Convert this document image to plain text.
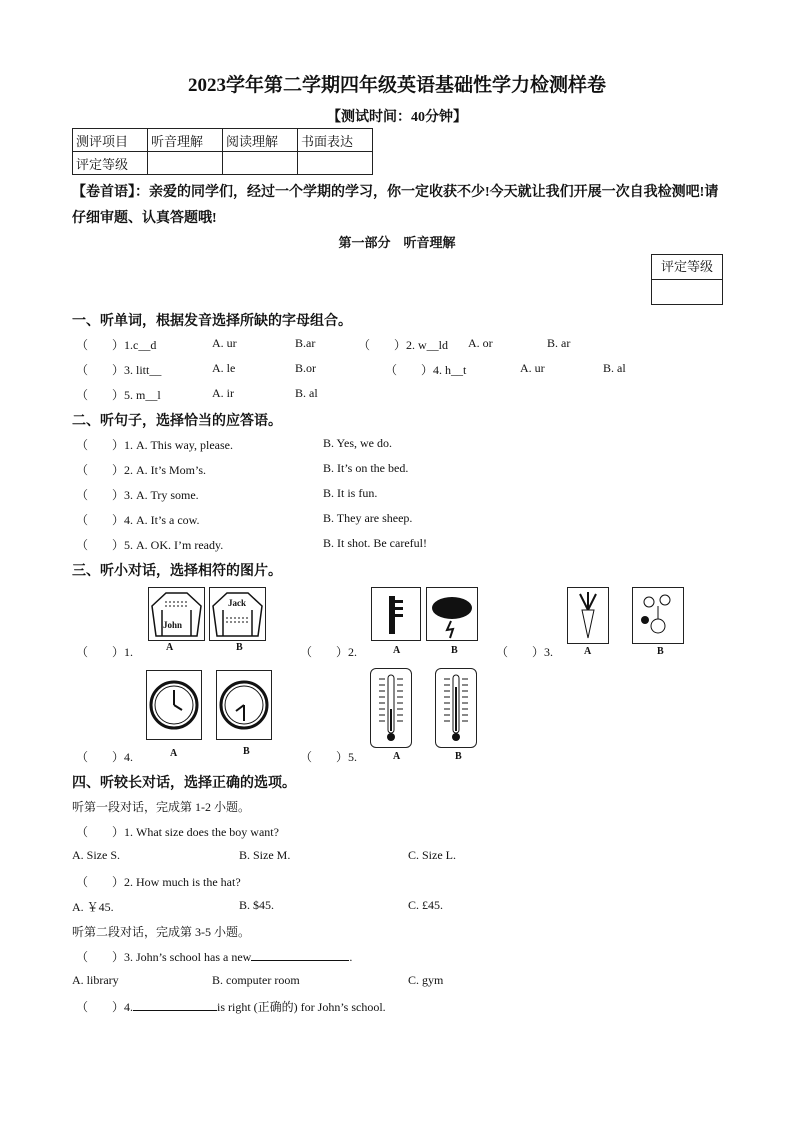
2023学年第二学期四年级英语基础性学力检测样卷
【测试时间：40分钟】
测评项目	听音理解	阅读理解	书面表达
评定等级			
【卷首语】：亲爱的同学们，经过一个学期的学习，你一定收获不少!今天就让我们开展一次自我检测吧!请仔细审题、认真答题哦!
第一部分　听音理解
评定等级
一、听单词，根据发音选择所缺的字母组合。
（　　）1.c__d	A. ur	B.ar	（　　）2. w__ld A. or	B. ar
（　　）3. litt__	A. le	B.or	（　　）4. h__t	A. ur	B. al
（　　）5. m__l	A. ir	B. al
二、听句子，选择恰当的应答语。
（　　）1. A. This way, please.	B. Yes, we do.
（　　）2. A. It’s Mom’s.	B. It’s on the bed.
（　　）3. A. Try some.	B. It is fun.
（　　）4. A. It’s a cow.	B. They are sheep.
（　　）5. A. OK. I’m ready.	B. It shot. Be careful!
三、听小对话，选择相符的图片。
（　　）1.	（　　）2.	（　　）3.
（　　）4.	（　　）5.
John
Jack
A	B	A	B	A	B
A	B	A	B
四、听较长对话，选择正确的选项。
听第一段对话，完成第 1-2 小题。
（　　）1. What size does the boy want?
A. Size S.	B. Size M.	C. Size L.
（　　）2. How much is the hat?
A. ￥45.	B. $45.	C. £45.
听第二段对话，完成第 3-5 小题。
（　　）3. John’s school has a new	.
A. library	B. computer room	C. gym
（　　）4.	is right (正确的) for John’s school.
